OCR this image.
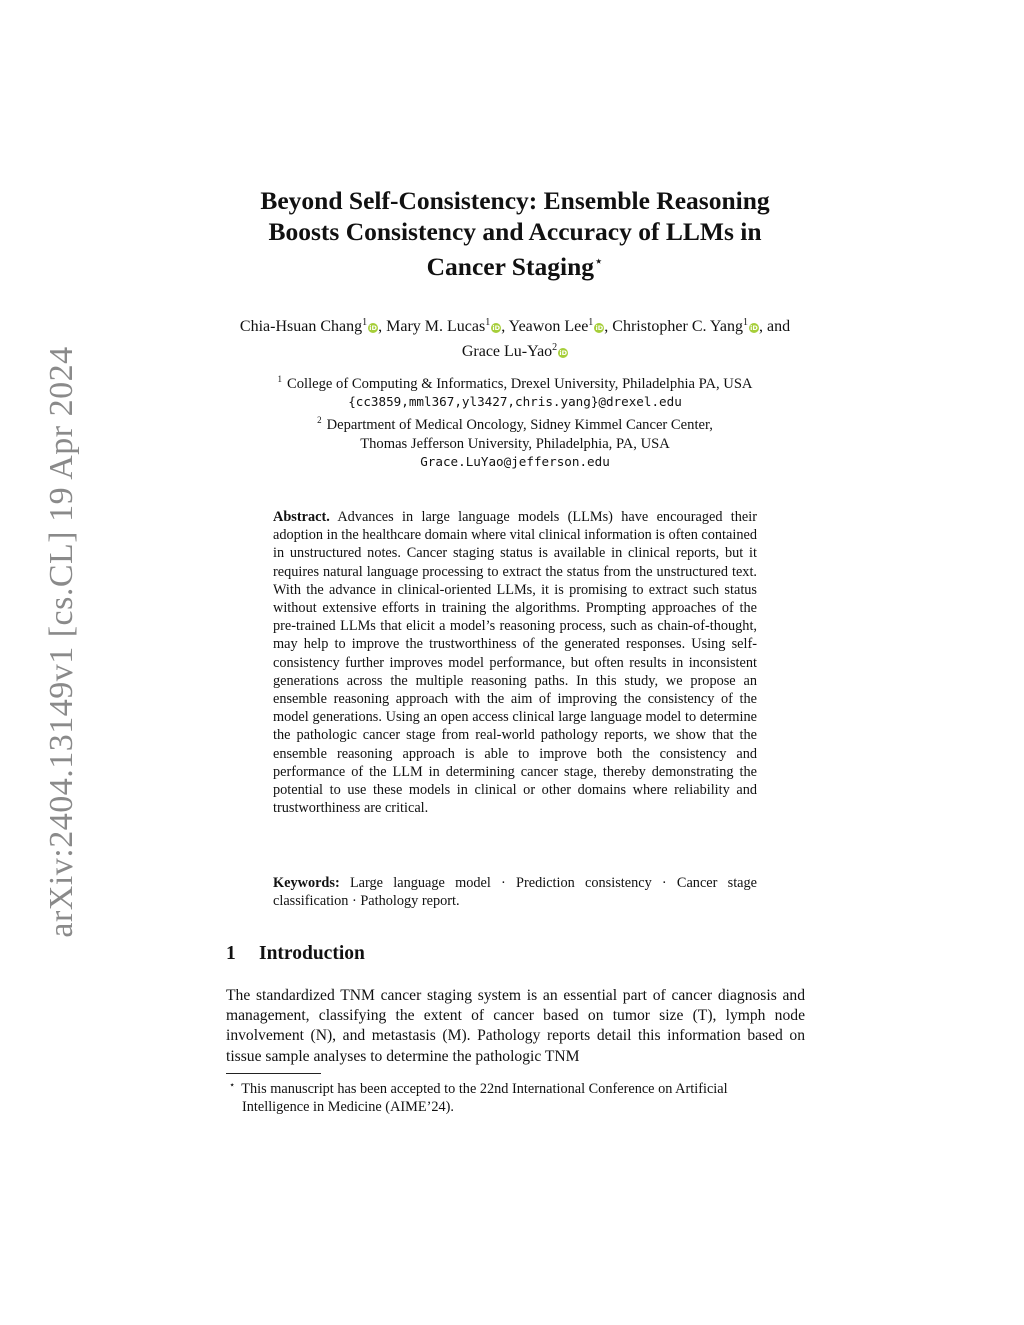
arXiv:2404.13149v1 [cs.CL] 19 Apr 2024
Beyond Self-Consistency: Ensemble Reasoning
Boosts Consistency and Accuracy of LLMs in
Cancer Staging⋆
Chia-Hsuan Chang$^1$ iD, Mary M. Lucas$^1$ iD, Yeawon Lee$^1$ iD, Christopher C. Yang$^1$ iD, and Grace Lu-Yao$^2$ iD
$^1$ College of Computing & Informatics, Drexel University, Philadelphia PA, USA
{cc3859,mml367,yl3427,chris.yang}@drexel.edu
$^2$ Department of Medical Oncology, Sidney Kimmel Cancer Center,
Thomas Jefferson University, Philadelphia, PA, USA
Grace.LuYao@jefferson.edu
Abstract. Advances in large language models (LLMs) have encouraged their adoption in the healthcare domain where vital clinical information is often contained in unstructured notes. Cancer staging status is available in clinical reports, but it requires natural language processing to extract the status from the unstructured text. With the advance in clinical-oriented LLMs, it is promising to extract such status without extensive efforts in training the algorithms. Prompting approaches of the pre-trained LLMs that elicit a model’s reasoning process, such as chain-of-thought, may help to improve the trustworthiness of the generated responses. Using self-consistency further improves model performance, but often results in inconsistent generations across the multiple reasoning paths. In this study, we propose an ensemble reasoning approach with the aim of improving the consistency of the model generations. Using an open access clinical large language model to determine the pathologic cancer stage from real-world pathology reports, we show that the ensemble reasoning approach is able to improve both the consistency and performance of the LLM in determining cancer stage, thereby demonstrating the potential to use these models in clinical or other domains where reliability and trustworthiness are critical.
Keywords: Large language model · Prediction consistency · Cancer stage classification · Pathology report.
1 Introduction
The standardized TNM cancer staging system is an essential part of cancer diagnosis and management, classifying the extent of cancer based on tumor size (T), lymph node involvement (N), and metastasis (M). Pathology reports detail this information based on tissue sample analyses to determine the pathologic TNM
⋆ This manuscript has been accepted to the 22nd International Conference on Artificial
Intelligence in Medicine (AIME’24).
